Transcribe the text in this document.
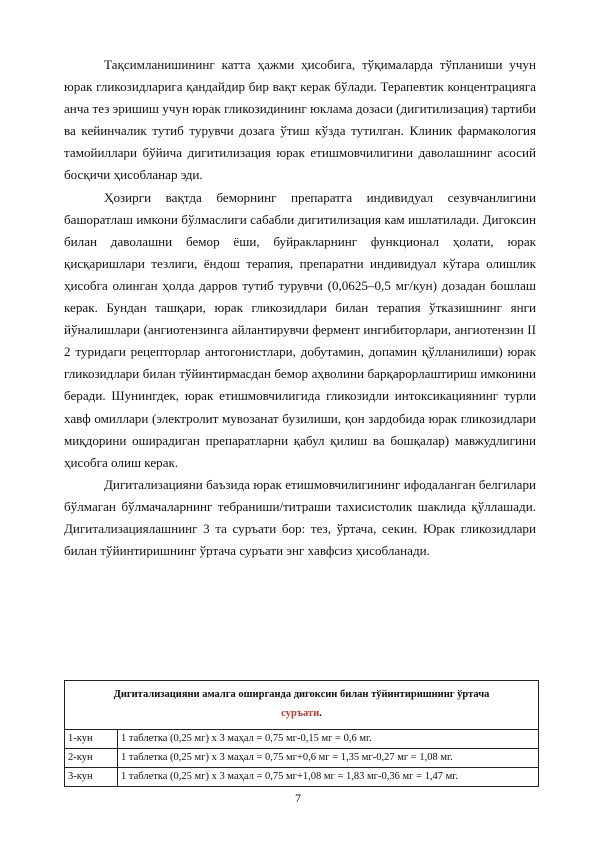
Тақсимланишининг катта ҳажми ҳисобига, тўқималарда тўпланиши учун юрак гликозидларига қандайдир бир вақт керак бўлади. Терапевтик концентрацияга анча тез эришиш учун юрак гликозидининг юклама дозаси (дигитилизация) тартиби ва кейинчалик тутиб турувчи дозага ўтиш кўзда тутилган. Клиник фармакология тамойиллари бўйича дигитилизация юрак етишмовчилигини даволашнинг асосий босқичи ҳисобланар эди.

Ҳозирги вақтда беморнинг препаратга индивидуал сезувчанлигини башоратлаш имкони бўлмаслиги сабабли дигитилизация кам ишлатилади. Дигоксин билан даволашни бемор ёши, буйракларнинг функционал ҳолати, юрак қисқаришлари тезлиги, ёндош терапия, препаратни индивидуал кўтара олишлик ҳисобга олинган ҳолда дарров тутиб турувчи (0,0625–0,5 мг/кун) дозадан бошлаш керак. Бундан ташқари, юрак гликозидлари билан терапия ўтказишнинг янги йўналишлари (ангиотензинга айлантирувчи фермент ингибиторлари, ангиотензин II 2 туридаги рецепторлар антогонистлари, добутамин, допамин қўлланилиши) юрак гликозидлари билан тўйинтирмасдан бемор аҳволини барқарорлаштириш имконини беради. Шунингдек, юрак етишмовчилигида гликозидли интоксикациянинг турли хавф омиллари (электролит мувозанат бузилиши, қон зардобида юрак гликозидлари миқдорини оширадиган препаратларни қабул қилиш ва бошқалар) мавжудлигини ҳисобга олиш керак.

Дигитализацияни баъзида юрак етишмовчилигининг ифодаланган белгилари бўлмаган бўлмачаларнинг тебраниши/титраши тахисистолик шаклида қўллашади. Дигитализациялашнинг 3 та суръати бор: тез, ўртача, секин. Юрак гликозидлари билан тўйинтиришнинг ўртача суръати энг хавфсиз ҳисобланади.

Дигитализацияни амалга оширганда дигоксин билан тўйинтиришнинг ўртача
суръати.	
1-кун	1 таблетка (0,25 мг) х 3 маҳал = 0,75 мг-0,15 мг = 0,6 мг.
2-кун	1 таблетка (0,25 мг) х 3 маҳал = 0,75 мг+0,6 мг = 1,35 мг-0,27 мг = 1,08 мг.
3-кун	1 таблетка (0,25 мг) х 3 маҳал = 0,75 мг+1,08 мг = 1,83 мг-0,36 мг = 1,47 мг.
7
